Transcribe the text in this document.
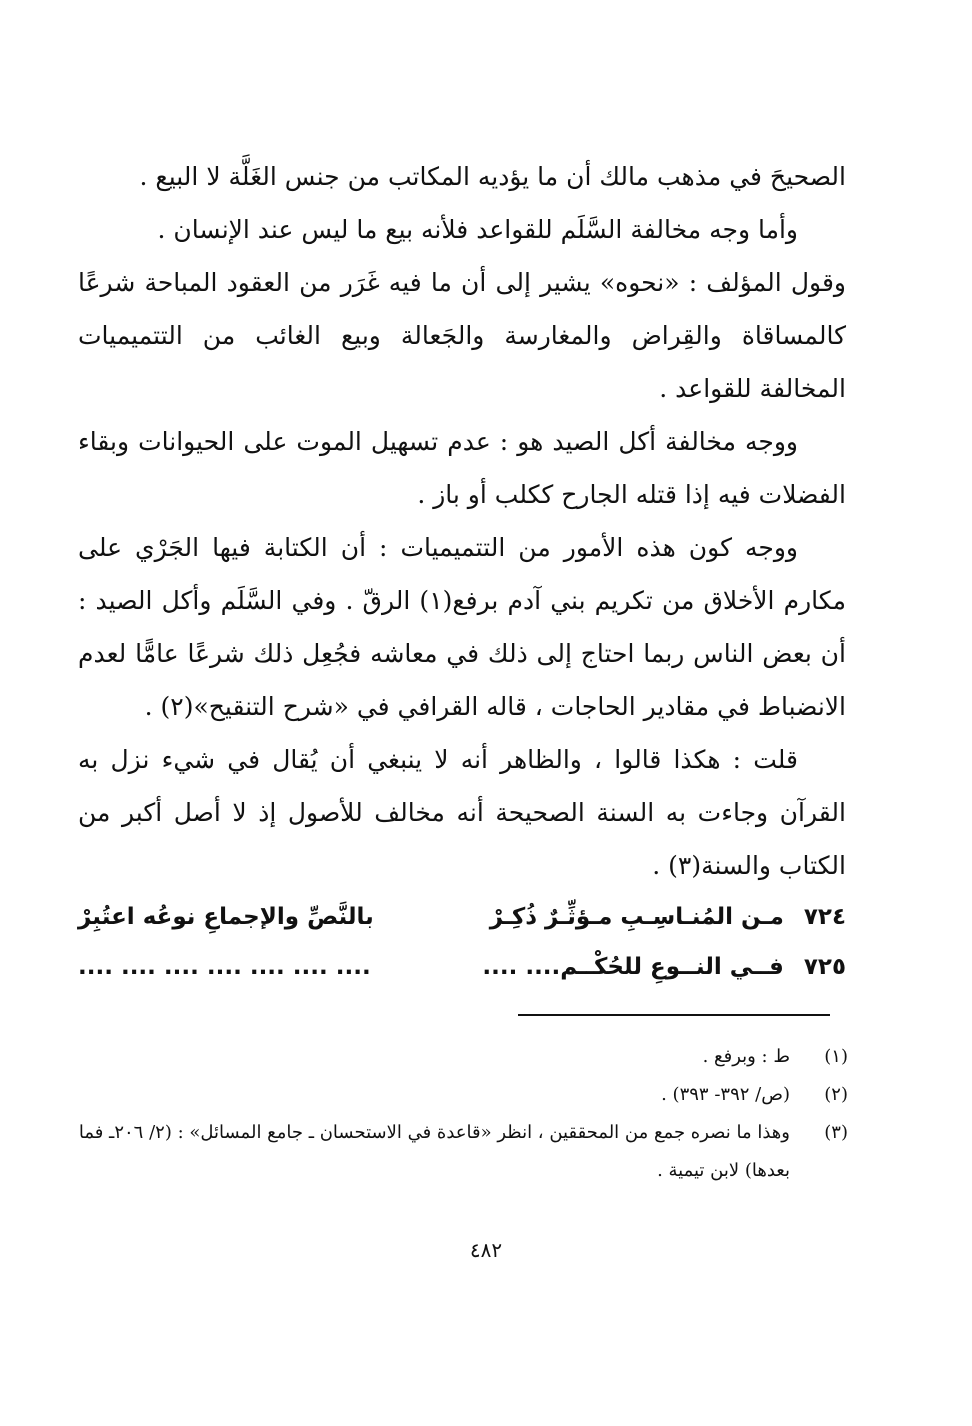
الصحيحَ في مذهب مالك أن ما يؤديه المكاتب من جنس الغَلَّة لا البيع .

وأما وجه مخالفة السَّلَم للقواعد فلأنه بيع ما ليس عند الإنسان .

وقول المؤلف : «نحوه» يشير إلى أن ما فيه غَرَر من العقود المباحة شرعًا كالمساقاة والقِراض والمغارسة والجَعالة وبيع الغائب من التتميميات المخالفة للقواعد .

ووجه مخالفة أكل الصيد هو : عدم تسهيل الموت على الحيوانات وبقاء الفضلات فيه إذا قتله الجارح ككلب أو باز .

ووجه كون هذه الأمور من التتميميات : أن الكتابة فيها الجَرْي على مكارم الأخلاق من تكريم بني آدم برفع(١) الرقّ . وفي السَّلَم وأكل الصيد : أن بعض الناس ربما احتاج إلى ذلك في معاشه فجُعِل ذلك شرعًا عامًّا لعدم الانضباط في مقادير الحاجات ، قاله القرافي في «شرح التنقيح»(٢) .

قلت : هكذا قالوا ، والظاهر أنه لا ينبغي أن يُقال في شيء نزل به القرآن وجاءت به السنة الصحيحة أنه مخالف للأصول إذ لا أصل أكبر من الكتاب والسنة(٣) .

٧٢٤ مـن المُنـاسِـبِ مـؤثِّـرٌ ذُكِـرْ
بالنَّصِّ والإجماعِ نوعُه اعتُبِرْ
٧٢٥ فــي النــوعِ للحُكْــم.... ....
.... .... .... .... .... .... ....
(١)
ط : وبرفع .
(٢)
(ص/ ٣٩٢- ٣٩٣) .
(٣)
وهذا ما نصره جمع من المحققين ، انظر «قاعدة في الاستحسان ـ جامع المسائل» : (٢/ ٢٠٦ـ فما بعدها) لابن تيمية .
٤٨٢
